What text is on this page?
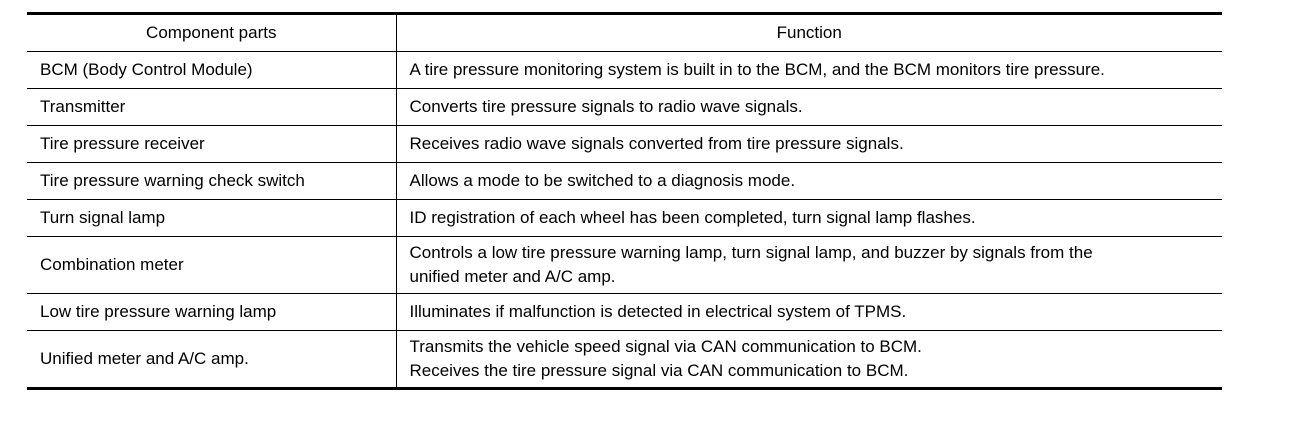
Component parts	Function
BCM (Body Control Module)	A tire pressure monitoring system is built in to the BCM, and the BCM monitors tire pressure.

Transmitter	Converts tire pressure signals to radio wave signals.

Tire pressure receiver	Receives radio wave signals converted from tire pressure signals.

Tire pressure warning check switch	Allows a mode to be switched to a diagnosis mode.

Turn signal lamp	ID registration of each wheel has been completed, turn signal lamp flashes.

Combination meter	Controls a low tire pressure warning lamp, turn signal lamp, and buzzer by signals from the
unified meter and A/C amp.

Low tire pressure warning lamp	Illuminates if malfunction is detected in electrical system of TPMS.

Unified meter and A/C amp.	Transmits the vehicle speed signal via CAN communication to BCM.
Receives the tire pressure signal via CAN communication to BCM.
